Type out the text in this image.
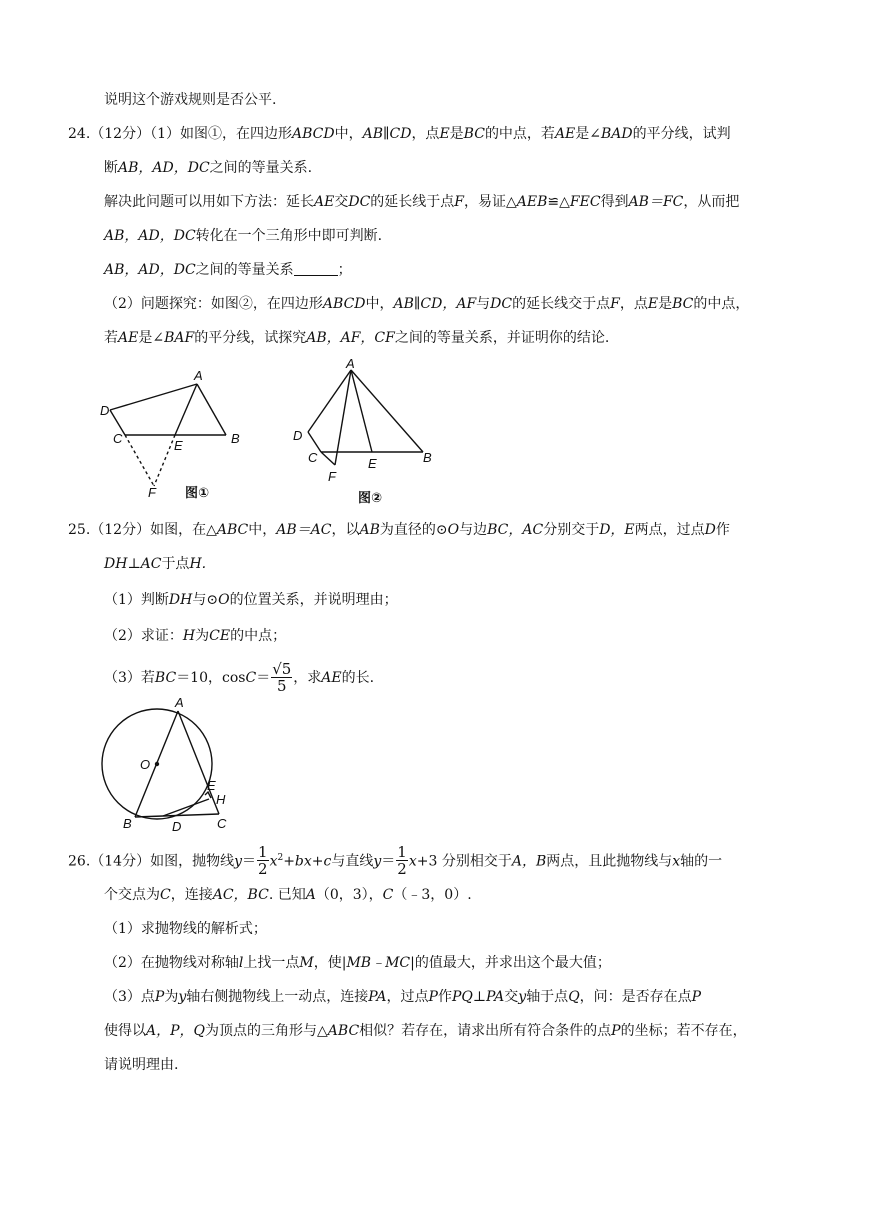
说明这个游戏规则是否公平.
24.（12分）（1）如图①，在四边形ABCD中，AB∥CD，点E是BC的中点，若AE是∠BAD的平分线，试判
断AB，AD，DC之间的等量关系.
解决此问题可以用如下方法：延长AE交DC的延长线于点F，易证△AEB≌△FEC得到AB＝FC，从而把
AB，AD，DC转化在一个三角形中即可判断.
AB，AD，DC之间的等量关系	；
（2）问题探究：如图②，在四边形ABCD中，AB∥CD，AF与DC的延长线交于点F，点E是BC的中点，
若AE是∠BAF的平分线，试探究AB，AF，CF之间的等量关系，并证明你的结论.
A
B
C
D
E
F 图①
A
B
C
D
E
F
图②
25.（12分）如图，在△ABC中，AB＝AC，以AB为直径的⊙O与边BC，AC分别交于D，E两点，过点D作
DH⊥AC于点H.
（1）判断DH与⊙O的位置关系，并说明理由；
（2）求证：H为CE的中点；
（3）若BC＝10，$\cos C= \frac{√5}{5}$ ，求AE的长.
A
B	C
D
E
H
O
26.（14分）如图，抛物线$y= \frac{1}{2} x^2+bx+c$与直线$y= \frac{1}{2} x+3$ 分别相交于A，B两点，且此抛物线与x轴的一
个交点为C，连接AC，BC. 已知A（0，3），C（﹣3，0）.
（1）求抛物线的解析式；
（2）在抛物线对称轴l上找一点M，使|MB﹣MC|的值最大，并求出这个最大值；
（3）点P为y轴右侧抛物线上一动点，连接PA，过点P作PQ⊥PA交y轴于点Q，问：是否存在点P
使得以A，P，Q为顶点的三角形与△ABC相似？若存在，请求出所有符合条件的点P的坐标；若不存在，
请说明理由.
